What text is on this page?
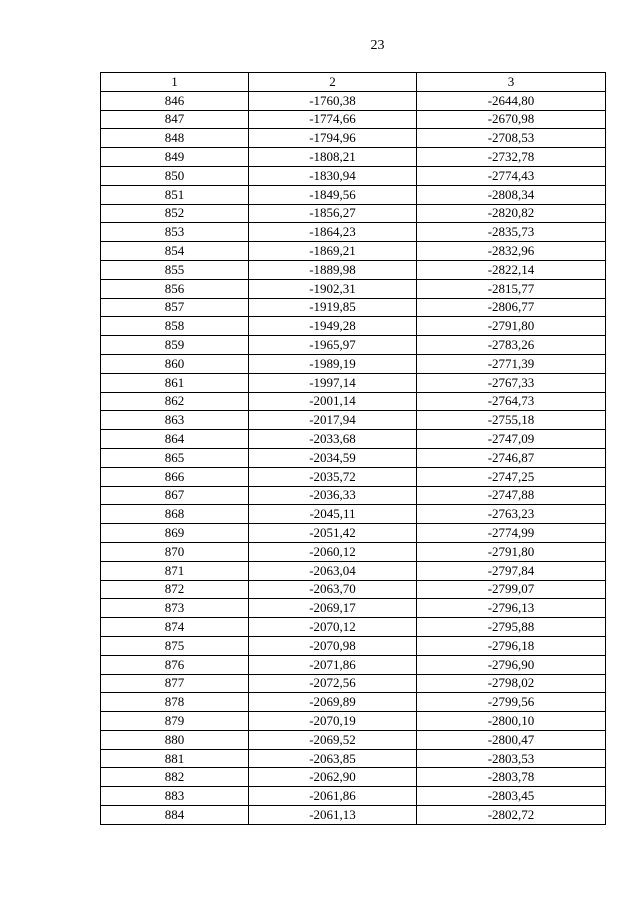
23
1	2	3
846	-1760,38	-2644,80
847	-1774,66	-2670,98
848	-1794,96	-2708,53
849	-1808,21	-2732,78
850	-1830,94	-2774,43
851	-1849,56	-2808,34
852	-1856,27	-2820,82
853	-1864,23	-2835,73
854	-1869,21	-2832,96
855	-1889,98	-2822,14
856	-1902,31	-2815,77
857	-1919,85	-2806,77
858	-1949,28	-2791,80
859	-1965,97	-2783,26
860	-1989,19	-2771,39
861	-1997,14	-2767,33
862	-2001,14	-2764,73
863	-2017,94	-2755,18
864	-2033,68	-2747,09
865	-2034,59	-2746,87
866	-2035,72	-2747,25
867	-2036,33	-2747,88
868	-2045,11	-2763,23
869	-2051,42	-2774,99
870	-2060,12	-2791,80
871	-2063,04	-2797,84
872	-2063,70	-2799,07
873	-2069,17	-2796,13
874	-2070,12	-2795,88
875	-2070,98	-2796,18
876	-2071,86	-2796,90
877	-2072,56	-2798,02
878	-2069,89	-2799,56
879	-2070,19	-2800,10
880	-2069,52	-2800,47
881	-2063,85	-2803,53
882	-2062,90	-2803,78
883	-2061,86	-2803,45
884	-2061,13	-2802,72
